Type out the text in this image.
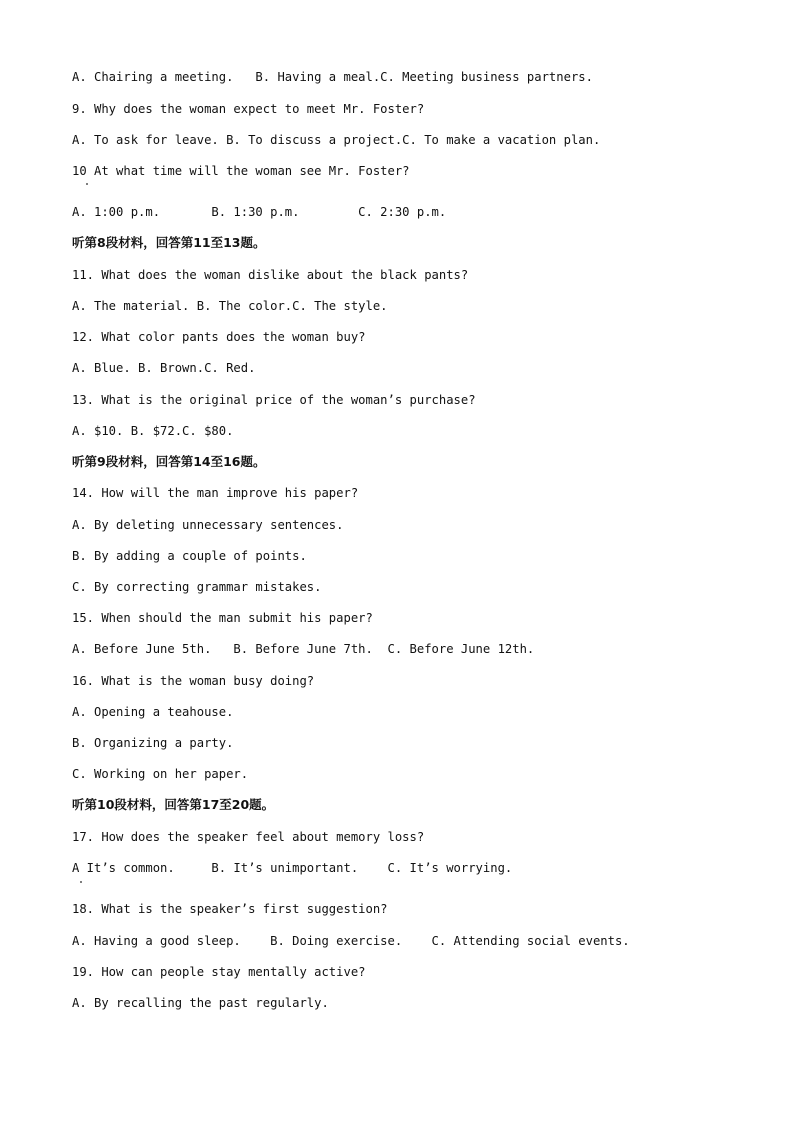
A. Chairing a meeting.   B. Having a meal.C. Meeting business partners.
9. Why does the woman expect to meet Mr. Foster?
A. To ask for leave. B. To discuss a project.C. To make a vacation plan.
10 At what time will the woman see Mr. Foster?
A. 1:00 p.m.       B. 1:30 p.m.        C. 2:30 p.m.
听第8段材料，回答第11至13题。
11. What does the woman dislike about the black pants?
A. The material. B. The color.C. The style.
12. What color pants does the woman buy?
A. Blue. B. Brown.C. Red.
13. What is the original price of the woman’s purchase?
A. $10. B. $72.C. $80.
听第9段材料，回答第14至16题。
14. How will the man improve his paper?
A. By deleting unnecessary sentences.
B. By adding a couple of points.
C. By correcting grammar mistakes.
15. When should the man submit his paper?
A. Before June 5th.   B. Before June 7th.  C. Before June 12th.
16. What is the woman busy doing?
A. Opening a teahouse.
B. Organizing a party.
C. Working on her paper.
听第10段材料，回答第17至20题。
17. How does the speaker feel about memory loss?
A It’s common.     B. It’s unimportant.    C. It’s worrying.
18. What is the speaker’s first suggestion?
A. Having a good sleep.    B. Doing exercise.    C. Attending social events.
19. How can people stay mentally active?
A. By recalling the past regularly.
